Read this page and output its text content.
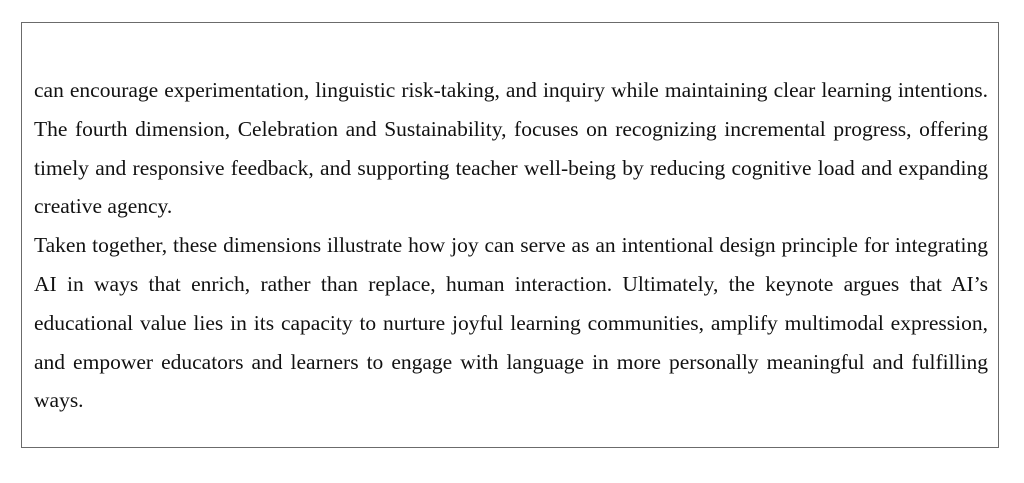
can encourage experimentation, linguistic risk-taking, and inquiry while maintaining clear learning intentions. The fourth dimension, Celebration and Sustainability, focuses on recognizing incremental progress, offering timely and responsive feedback, and supporting teacher well-being by reducing cognitive load and expanding creative agency.

Taken together, these dimensions illustrate how joy can serve as an intentional design principle for integrating AI in ways that enrich, rather than replace, human interaction. Ultimately, the keynote argues that AI’s educational value lies in its capacity to nurture joyful learning communities, amplify multimodal expression, and empower educators and learners to engage with language in more personally meaningful and fulfilling ways.
